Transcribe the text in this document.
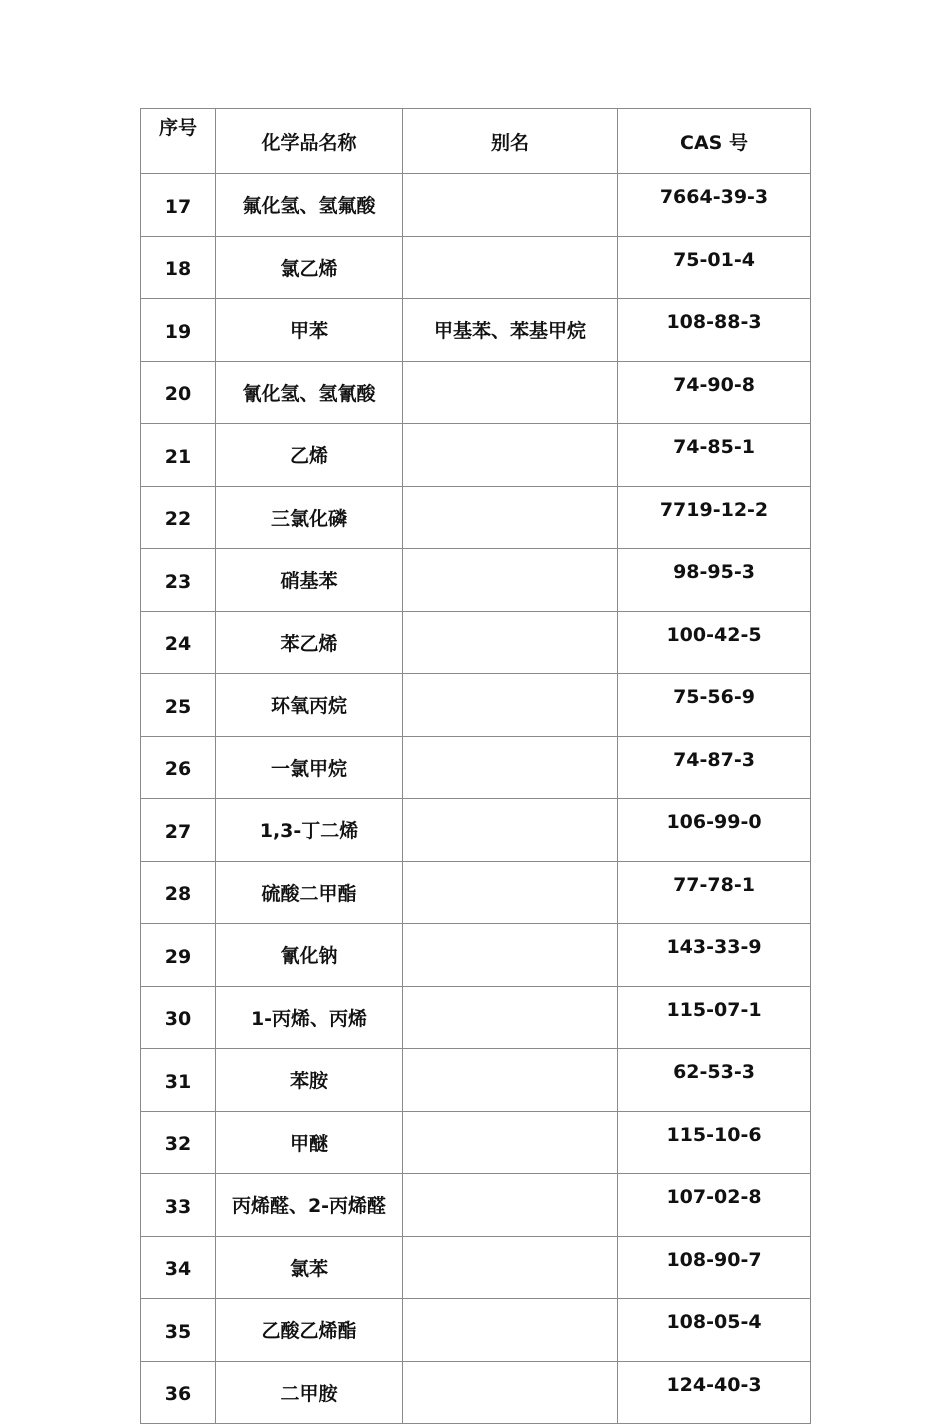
序号	化学品名称	别名	CAS 号
17	氟化氢、氢氟酸		7664-39-3
18	氯乙烯		75-01-4
19	甲苯	甲基苯、苯基甲烷	108-88-3
20	氰化氢、氢氰酸		74-90-8
21	乙烯		74-85-1
22	三氯化磷		7719-12-2
23	硝基苯		98-95-3
24	苯乙烯		100-42-5
25	环氧丙烷		75-56-9
26	一氯甲烷		74-87-3
27	1,3-丁二烯		106-99-0
28	硫酸二甲酯		77-78-1
29	氰化钠		143-33-9
30	1-丙烯、丙烯		115-07-1
31	苯胺		62-53-3
32	甲醚		115-10-6
33	丙烯醛、2-丙烯醛		107-02-8
34	氯苯		108-90-7
35	乙酸乙烯酯		108-05-4
36	二甲胺		124-40-3
